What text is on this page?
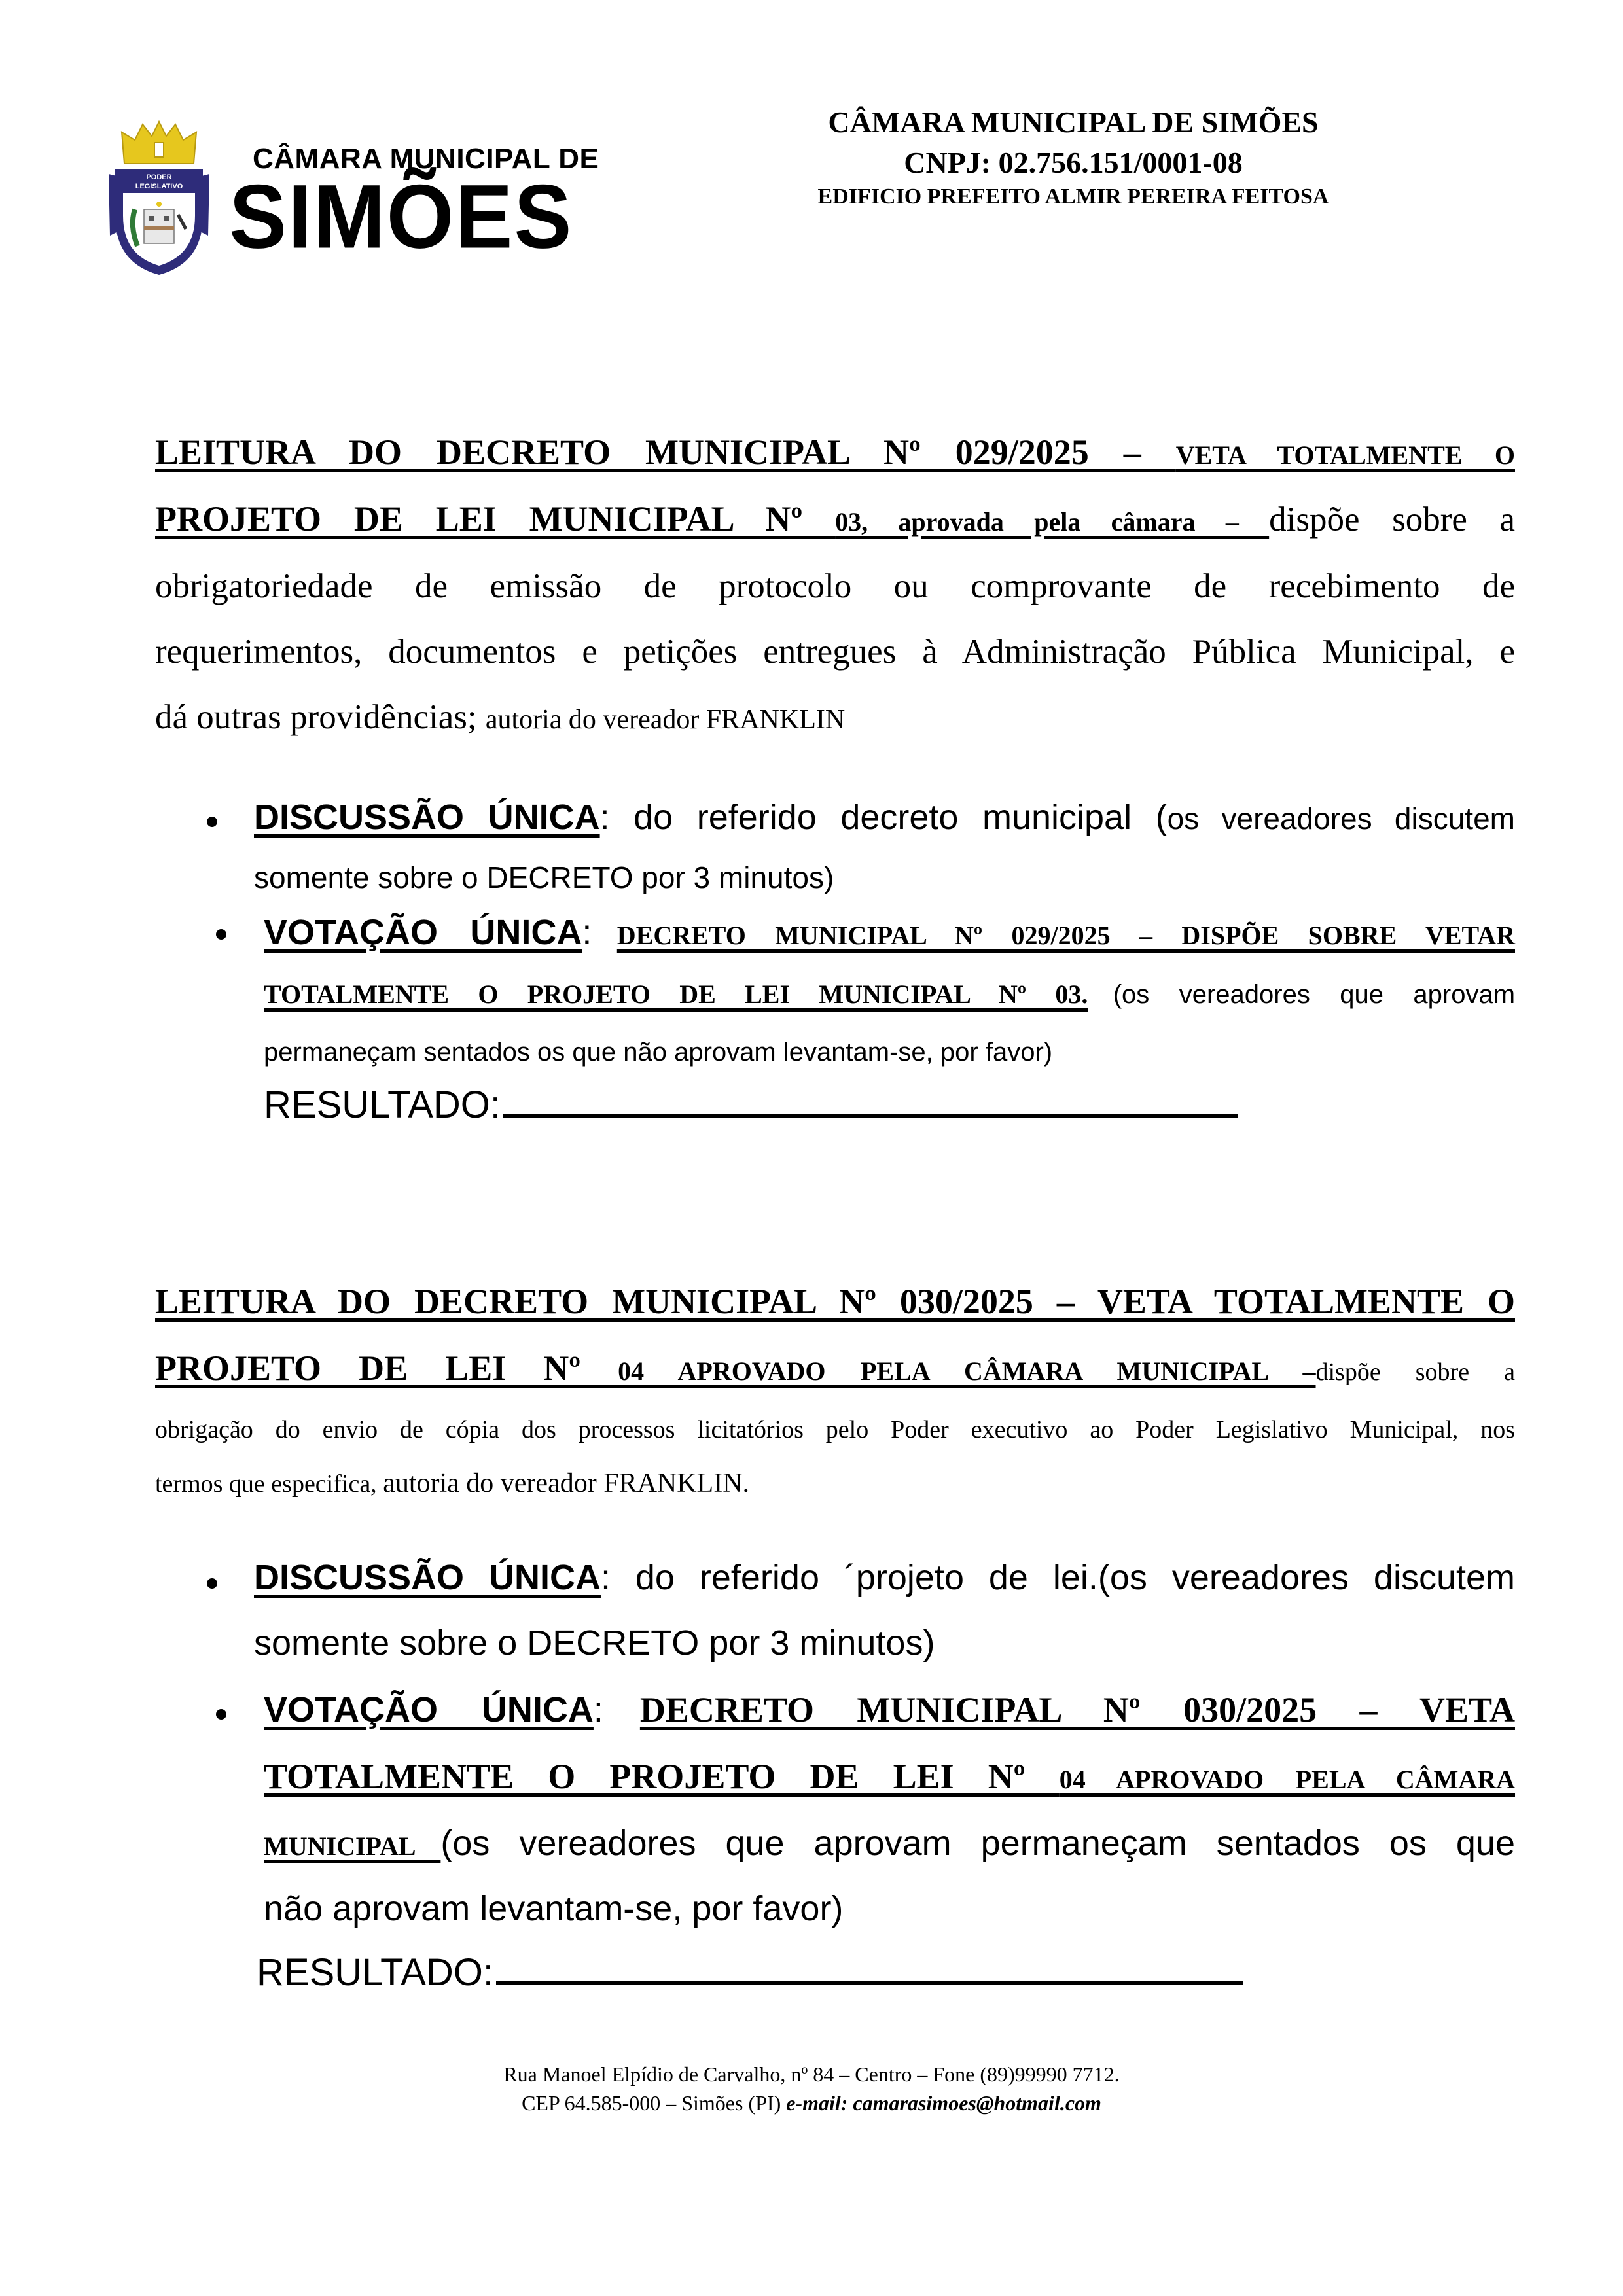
PODER
LEGISLATIVO
CÂMARA MUNICIPAL DE
SIMÕES
CÂMARA MUNICIPAL DE SIMÕES
CNPJ: 02.756.151/0001-08
EDIFICIO PREFEITO ALMIR PEREIRA FEITOSA
LEITURA DO DECRETO MUNICIPAL Nº 029/2025 – VETA TOTALMENTE O
PROJETO DE LEI MUNICIPAL Nº 03, aprovada pela câmara – dispõe sobre a
obrigatoriedade de emissão de protocolo ou comprovante de recebimento de
requerimentos, documentos e petições entregues à Administração Pública Municipal, e
dá outras providências; autoria do vereador FRANKLIN
DISCUSSÃO ÚNICA: do referido decreto municipal (os vereadores discutem
somente sobre o DECRETO por 3 minutos)
VOTAÇÃO ÚNICA: DECRETO MUNICIPAL Nº 029/2025 – DISPÕE SOBRE VETAR
TOTALMENTE O PROJETO DE LEI MUNICIPAL Nº 03. (os vereadores que aprovam
permaneçam sentados os que não aprovam levantam-se, por favor)
RESULTADO:
LEITURA DO DECRETO MUNICIPAL Nº 030/2025 – VETA TOTALMENTE O
PROJETO DE LEI Nº 04 APROVADO PELA CÂMARA MUNICIPAL –dispõe sobre a
obrigação do envio de cópia dos processos licitatórios pelo Poder executivo ao Poder Legislativo Municipal, nos
termos que especifica, autoria do vereador FRANKLIN.
DISCUSSÃO ÚNICA: do referido ´projeto de lei.(os vereadores discutem
somente sobre o DECRETO por 3 minutos)
VOTAÇÃO ÚNICA: DECRETO MUNICIPAL Nº 030/2025 – VETA
TOTALMENTE O PROJETO DE LEI Nº 04 APROVADO PELA CÂMARA
MUNICIPAL (os vereadores que aprovam permaneçam sentados os que
não aprovam levantam-se, por favor)
RESULTADO:
Rua Manoel Elpídio de Carvalho, nº 84 – Centro – Fone (89)99990 7712.
CEP 64.585-000 – Simões (PI) e-mail: camarasimoes@hotmail.com
